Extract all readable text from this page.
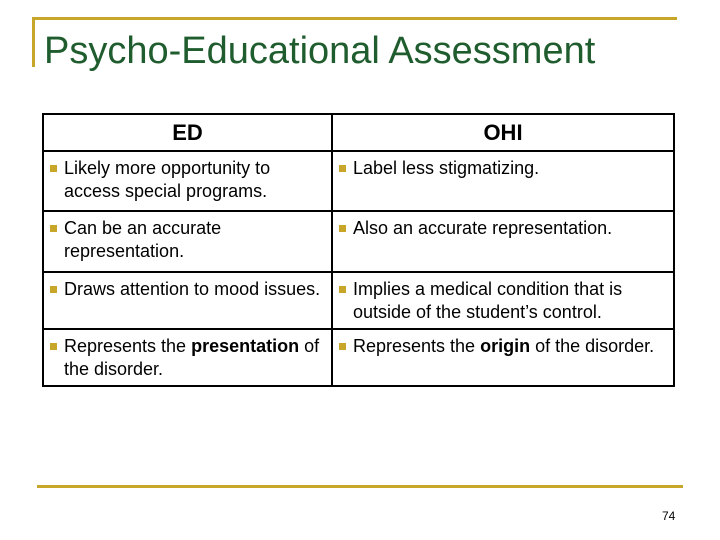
Psycho-Educational Assessment
ED	OHI

Likely more opportunity to access special programs.	Label less stigmatizing.

Can be an accurate representation.	Also an accurate representation.

Draws attention to mood issues.	Implies a medical condition that is outside of the student’s control.

Represents the presentation of the disorder.	Represents the origin of the disorder.
74
